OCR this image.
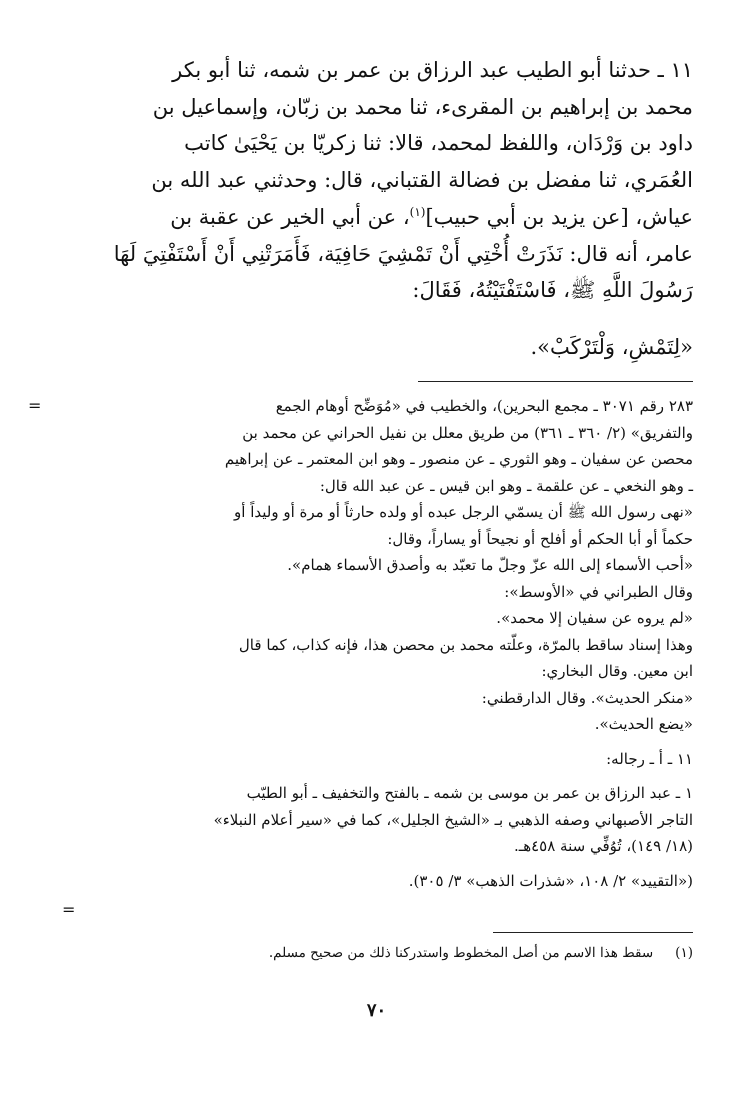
١١ ـ حدثنا أبو الطيب عبد الرزاق بن عمر بن شمه، ثنا أبو بكر

محمد بن إبراهيم بن المقرىء، ثنا محمد بن زبّان، وإسماعيل بن

داود بن وَرْدَان، واللفظ لمحمد، قالا: ثنا زكريّا بن يَحْيَىٰ كاتب

العُمَري، ثنا مفضل بن فضالة القتباني، قال: وحدثني عبد الله بن

عياش، [عن يزيد بن أبي حبيب]$^{(١)}$، عن أبي الخير عن عقبة بن

عامر، أنه قال: نَذَرَتْ أُخْتِي أَنْ تَمْشِيَ حَافِيَة، فَأَمَرَتْنِي أَنْ أَسْتَفْتِيَ لَهَا

رَسُولَ اللَّهِ ﷺ، فَاسْتَفْتَيْتُهُ، فَقَالَ:

«لِتَمْشِ، وَلْتَرْكَبْ».

=	٢٨٣ رقم ٣٠٧١ ـ مجمع البحرين)، والخطيب في «مُوَضِّح أوهام الجمع

والتفريق» (٢/ ٣٦٠ ـ ٣٦١) من طريق معلل بن نفيل الحراني عن محمد بن

محصن عن سفيان ـ وهو الثوري ـ عن منصور ـ وهو ابن المعتمر ـ عن إبراهيم

ـ وهو النخعي ـ عن علقمة ـ وهو ابن قيس ـ عن عبد الله قال:

«نهى رسول الله ﷺ أن يسمّي الرجل عبده أو ولده حارثاً أو مرة أو وليداً أو

حكماً أو أبا الحكم أو أفلح أو نجيحاً أو يساراً، وقال:

«أحب الأسماء إلى الله عزّ وجلّ ما تعبّد به وأصدق الأسماء همام».

وقال الطبراني في «الأوسط»:

«لم يروه عن سفيان إلا محمد».

وهذا إسناد ساقط بالمرّة، وعلّته محمد بن محصن هذا، فإنه كذاب، كما قال

ابن معين. وقال البخاري:

«منكر الحديث». وقال الدارقطني:

«يضع الحديث».

١١ ـ أ ـ رجاله:

١ ـ عبد الرزاق بن عمر بن موسى بن شمه ـ بالفتح والتخفيف ـ أبو الطيّب

التاجر الأصبهاني وصفه الذهبي بـ «الشيخ الجليل»، كما في «سير أعلام النبلاء»

(١٨/ ١٤٩)، تُوُفِّي سنة ٤٥٨هـ.

(«التقييد» ٢/ ١٠٨، «شذرات الذهب» ٣/ ٣٠٥).

=
(١)سقط هذا الاسم من أصل المخطوط واستدركنا ذلك من صحيح مسلم.
٧٠
